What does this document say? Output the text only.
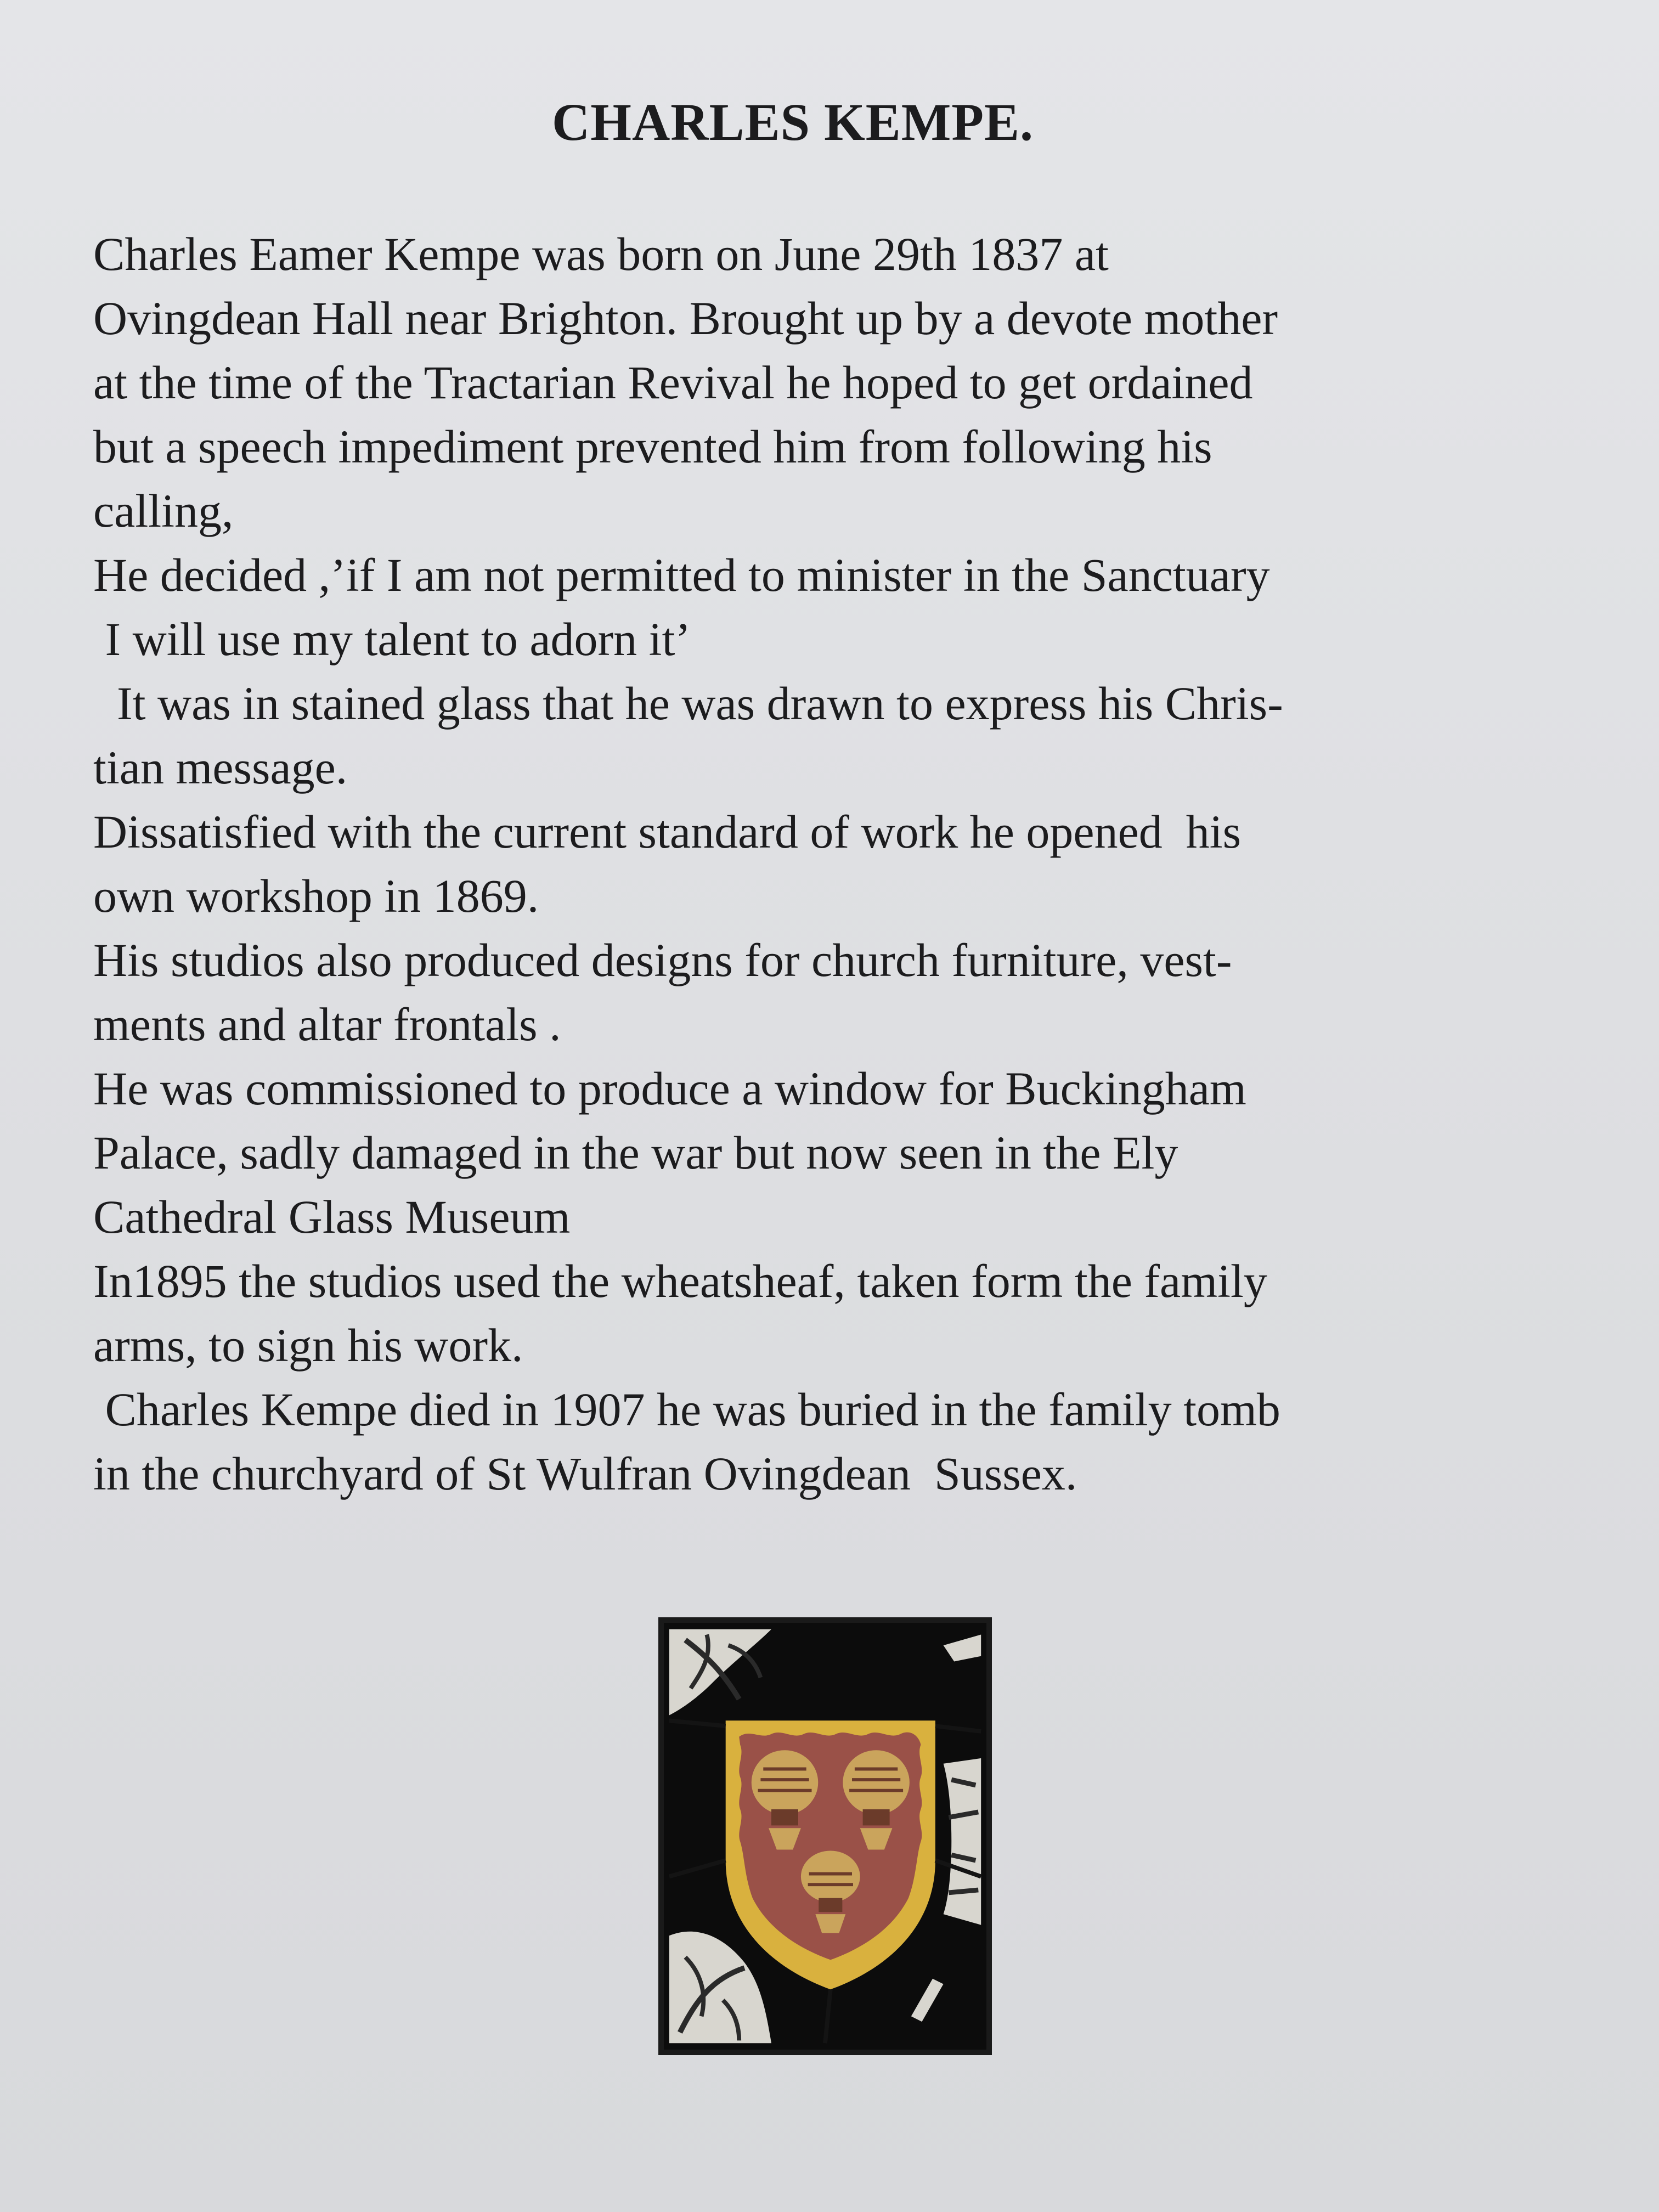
CHARLES KEMPE.
Charles Eamer Kempe was born on June 29th 1837 at
Ovingdean Hall near Brighton. Brought up by a devote mother
at the time of the Tractarian Revival he hoped to get ordained
but a speech impediment prevented him from following his
calling,
He decided ,’if I am not permitted to minister in the Sanctuary
I will use my talent to adorn it’
It was in stained glass that he was drawn to express his Chris-
tian message.
Dissatisfied with the current standard of work he opened  his
own workshop in 1869.
His studios also produced designs for church furniture, vest-
ments and altar frontals .
He was commissioned to produce a window for Buckingham
Palace, sadly damaged in the war but now seen in the Ely
Cathedral Glass Museum
In1895 the studios used the wheatsheaf, taken form the family
arms, to sign his work.
Charles Kempe died in 1907 he was buried in the family tomb
in the churchyard of St Wulfran Ovingdean  Sussex.
